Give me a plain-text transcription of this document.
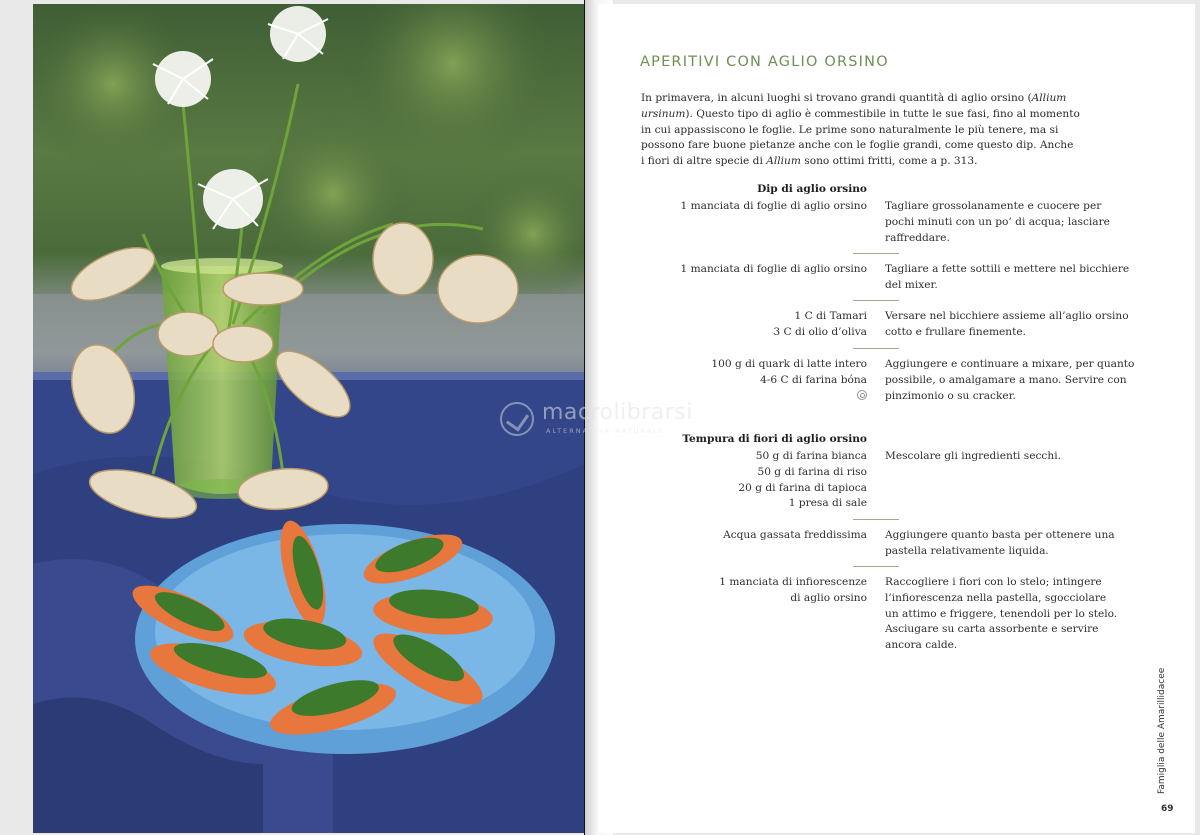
APERITIVI CON AGLIO ORSINO

In primavera, in alcuni luoghi si trovano grandi quantità di aglio orsino (Allium
ursinum). Questo tipo di aglio è commestibile in tutte le sue fasi, fino al momento
in cui appassiscono le foglie. Le prime sono naturalmente le più tenere, ma si
possono fare buone pietanze anche con le foglie grandi, come questo dip. Anche
i fiori di altre specie di Allium sono ottimi fritti, come a p. 313.

Dip di aglio orsino
1 manciata di foglie di aglio orsino Tagliare grossolanamente e cuocere per
pochi minuti con un po’ di acqua; lasciare
raffreddare.
1 manciata di foglie di aglio orsino Tagliare a fette sottili e mettere nel bicchiere
del mixer.
1 C di Tamari
3 C di olio d’oliva
Versare nel bicchiere assieme all’aglio orsino
cotto e frullare finemente.
100 g di quark di latte intero
4-6 C di farina bóna
Aggiungere e continuare a mixare, per quanto
possibile, o amalgamare a mano. Servire con
pinzimonio o su cracker.
Tempura di fiori di aglio orsino
50 g di farina bianca
50 g di farina di riso
20 g di farina di tapioca
1 presa di sale
Mescolare gli ingredienti secchi.
Acqua gassata freddissima Aggiungere quanto basta per ottenere una
pastella relativamente liquida.
1 manciata di infiorescenze
di aglio orsino
Raccogliere i fiori con lo stelo; intingere
l’infiorescenza nella pastella, sgocciolare
un attimo e friggere, tenendoli per lo stelo.
Asciugare su carta assorbente e servire
ancora calde.
Famiglia delle Amarillidacee
69
macrolibrarsi
ALTERNATIVA NATURALE
